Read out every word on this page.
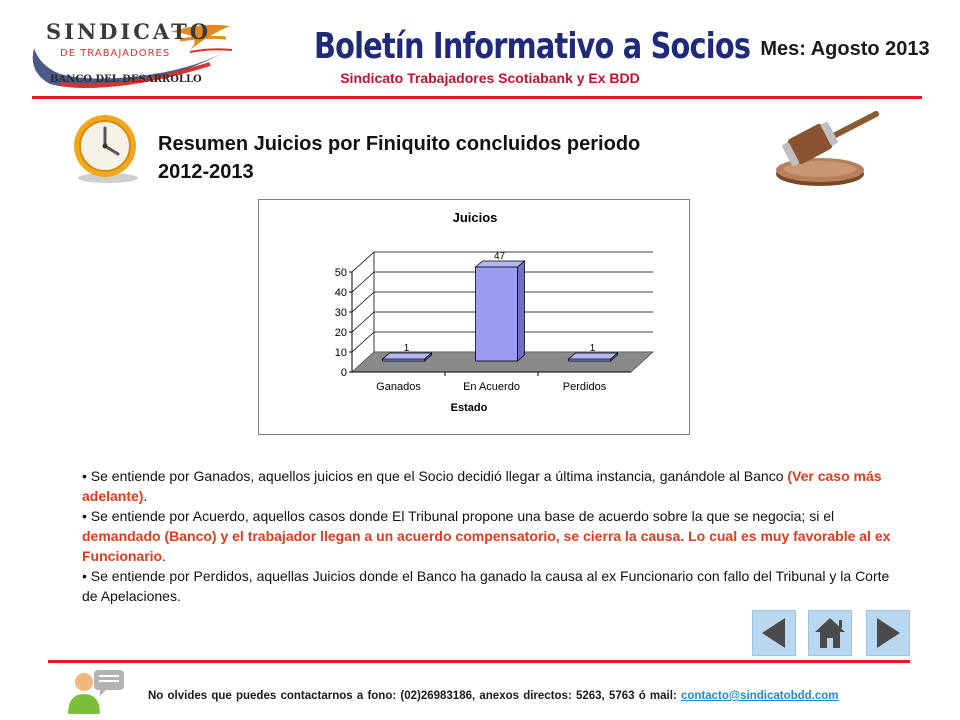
SINDICATO
DE TRABAJADORES
BANCO DEL DESARROLLO
Boletín Informativo a Socios
Sindicato Trabajadores Scotiabank y Ex BDD
Mes: Agosto 2013
Resumen Juicios por Finiquito concluidos periodo
2012-2013
Juicios
0
10
20
30
40
50
Ganados	En Acuerdo	Perdidos
1
47
1
Estado

• Se entiende por Ganados, aquellos juicios en que el Socio decidió llegar a última instancia, ganándole al Banco (Ver caso más adelante).

• Se entiende por Acuerdo, aquellos casos donde El Tribunal propone una base de acuerdo sobre la que se negocia; si el demandado (Banco) y el trabajador llegan a un acuerdo compensatorio, se cierra la causa. Lo cual es muy favorable al ex Funcionario.

• Se entiende por Perdidos, aquellas Juicios donde el Banco ha ganado la causa al ex Funcionario con fallo del Tribunal y la Corte de Apelaciones.

No olvides que puedes contactarnos a fono: (02)26983186, anexos directos: 5263, 5763 ó mail: contacto@sindicatobdd.com
